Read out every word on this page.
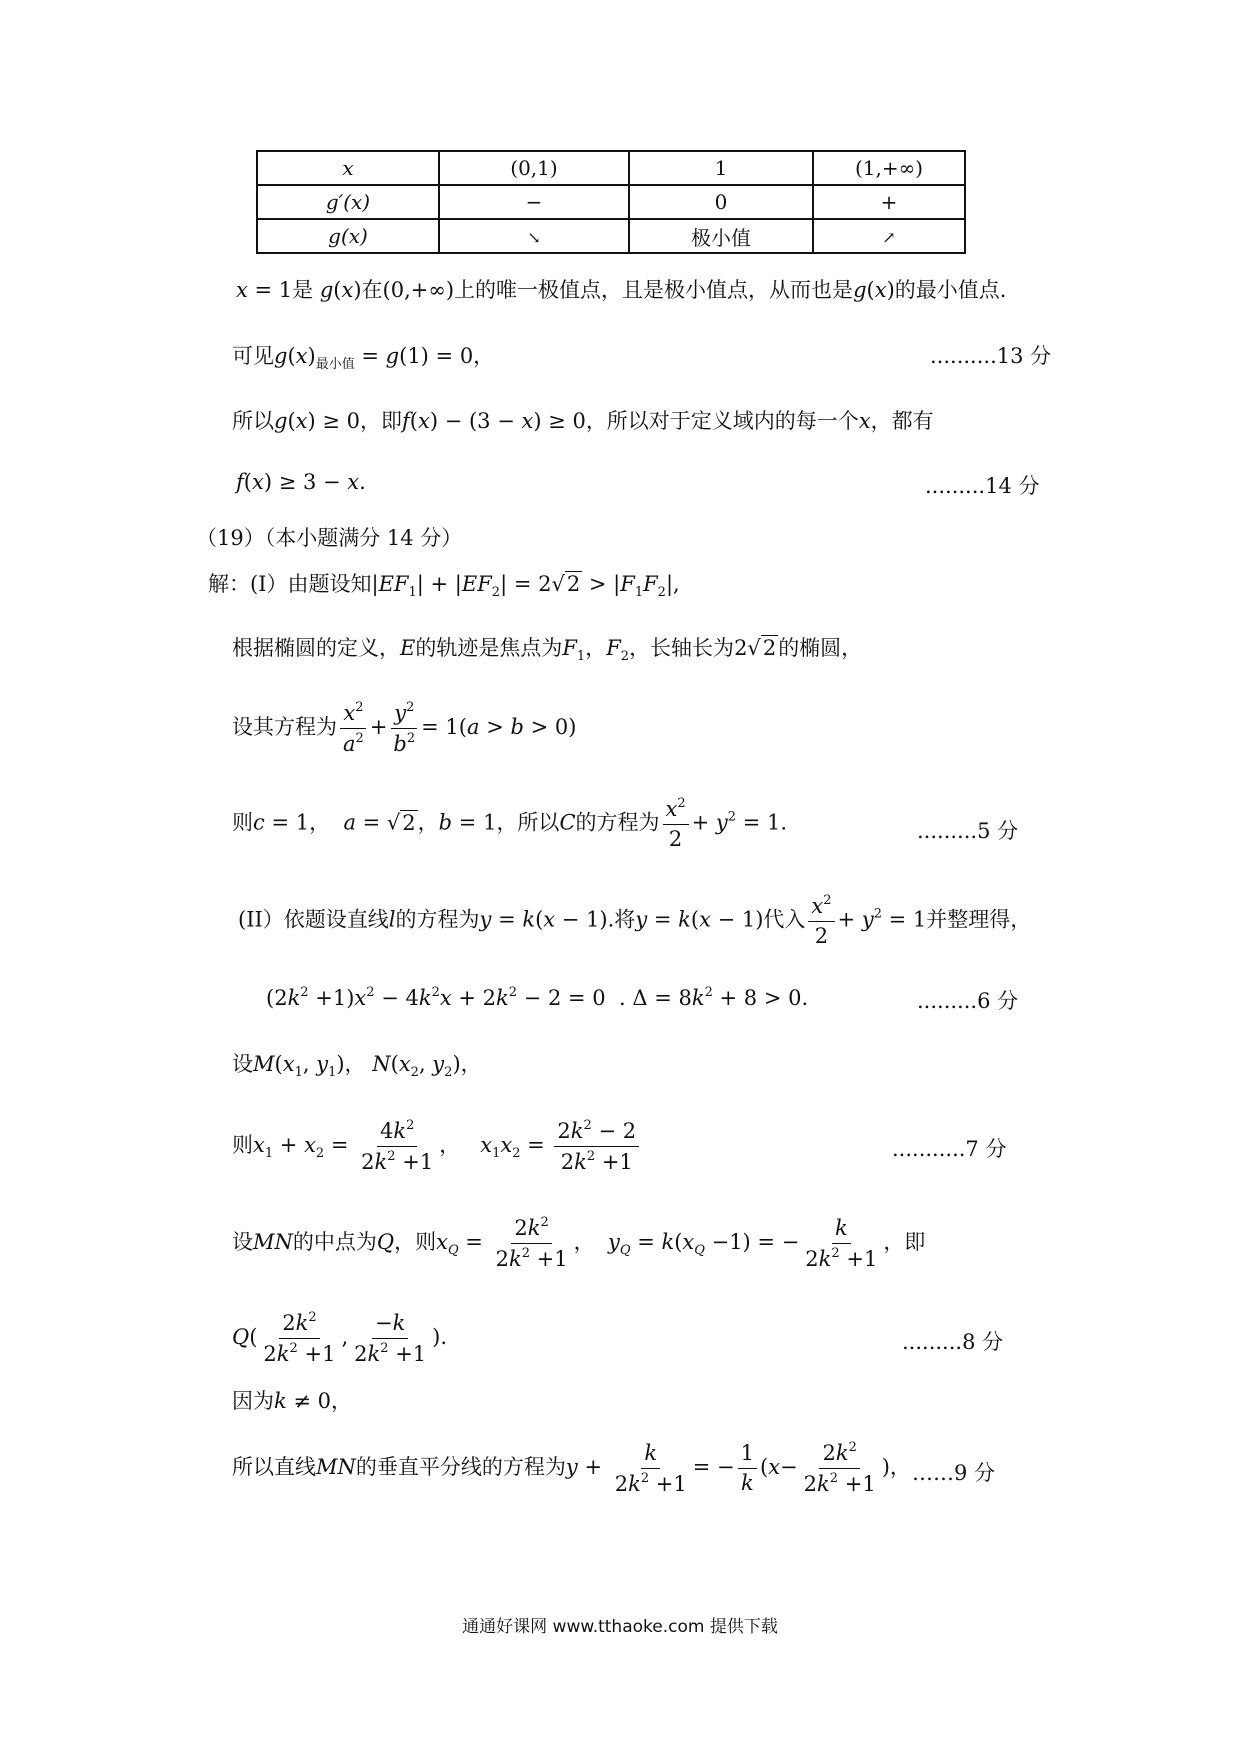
x	(0,1)	1	(1,+∞)
g′(x)	−	0	+
g(x)	↘	极小值	↗
x = 1是 g(x)在(0,+∞)上的唯一极值点，且是极小值点，从而也是g(x)的最小值点.
可见$g(x)_{最小值} = g(1) = 0$，	..........13 分
所以g(x) ≥ 0，即f(x) − (3 − x) ≥ 0，所以对于定义域内的每一个x，都有
f(x) ≥ 3 − x.	.........14 分
（19）（本小题满分 14 分）
解：(I）由题设知$|EF_1| + |EF_2| = 2√2 > |F_1F_2|$,
根据椭圆的定义，E的轨迹是焦点为$F_1$，$F_2$，长轴长为2√2的椭圆，
设其方程为 $\frac{x^2}{a^2} + \frac{y^2}{b^2} = 1(a > b > 0)$
则c = 1，  a = √2，b = 1，所以C的方程为 $\frac{x^2}{2} + y^2 = 1$.	.........5 分
(II）依题设直线l的方程为y = k(x − 1).将y = k(x − 1)代入 $\frac{x^2}{2} + y^2 = 1$并整理得，
$(2k^2 +1)x^2 - 4k^2x + 2k^2 - 2 = 0$  . $\Delta = 8k^2 + 8 > 0$.	.........6 分
设$M(x_1$, $y_1$)， $N(x_2$, $y_2$)，
则$x_1 + x_2 = \frac{4k^2}{2k^2 +1}$ ，   $x_1x_2 = \frac{2k^2 - 2}{2k^2 +1}$	...........7 分
设MN的中点为Q，则$x_Q = \frac{2k^2}{2k^2 +1}$ ，  $y_Q = k(x_Q -1)$ = − $\frac{k}{2k^2 +1}$ ，即
$Q( \frac{2k^2}{2k^2 +1}$ , $\frac{-k}{2k^2 +1}$ ).	.........8 分
因为k ≠ 0，
所以直线MN的垂直平分线的方程为$y + \frac{k}{2k^2 +1}$ = − $\frac{1}{k} (x- \frac{2k^2}{2k^2 +1}$ )， ……9 分
通通好课网 www.tthaoke.com 提供下载
